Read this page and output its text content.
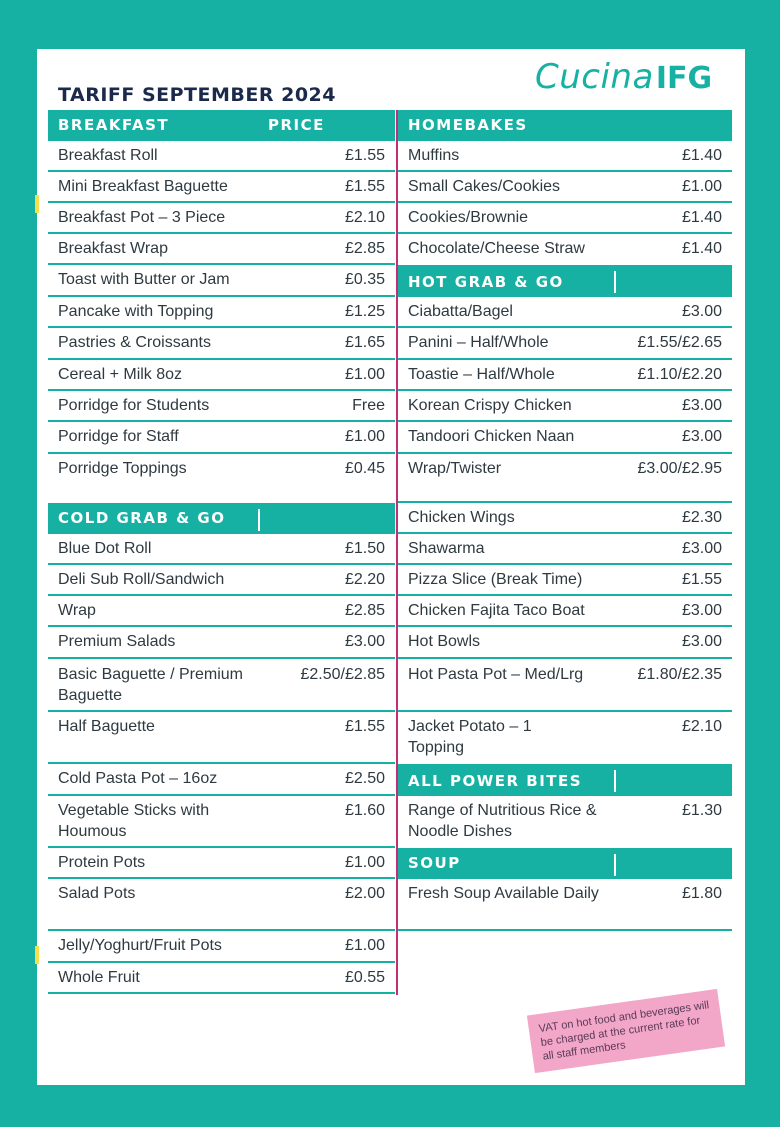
TARIFF SEPTEMBER 2024	CucinaIFG
BREAKFAST	PRICE
Breakfast Roll	£1.55
Mini Breakfast Baguette	£1.55
Breakfast Pot – 3 Piece	£2.10
Breakfast Wrap	£2.85
Toast with Butter or Jam	£0.35
Pancake with Topping	£1.25
Pastries & Croissants	£1.65
Cereal + Milk 8oz	£1.00
Porridge for Students	Free
Porridge for Staff	£1.00
Porridge Toppings	£0.45
COLD GRAB & GO
Blue Dot Roll	£1.50
Deli Sub Roll/Sandwich	£2.20
Wrap	£2.85
Premium Salads	£3.00
Basic Baguette / Premium Baguette
£2.50/£2.85
Half Baguette	£1.55
Cold Pasta Pot – 16oz	£2.50
Vegetable Sticks with Houmous
£1.60
Protein Pots	£1.00
Salad Pots	£2.00
Jelly/Yoghurt/Fruit Pots	£1.00
Whole Fruit	£0.55
HOMEBAKES
Muffins	£1.40
Small Cakes/Cookies	£1.00
Cookies/Brownie	£1.40
Chocolate/Cheese Straw	£1.40
HOT GRAB & GO
Ciabatta/Bagel	£3.00
Panini – Half/Whole	£1.55/£2.65
Toastie – Half/Whole	£1.10/£2.20
Korean Crispy Chicken	£3.00
Tandoori Chicken Naan	£3.00
Wrap/Twister	£3.00/£2.95
Chicken Wings	£2.30
Shawarma	£3.00
Pizza Slice (Break Time)	£1.55
Chicken Fajita Taco Boat	£3.00
Hot Bowls	£3.00
Hot Pasta Pot – Med/Lrg	£1.80/£2.35
Jacket Potato – 1 Topping
£2.10
ALL POWER BITES
Range of Nutritious Rice & Noodle Dishes
£1.30
SOUP
Fresh Soup Available Daily	£1.80
VAT on hot food and beverages will be charged at the current rate for all staff members
